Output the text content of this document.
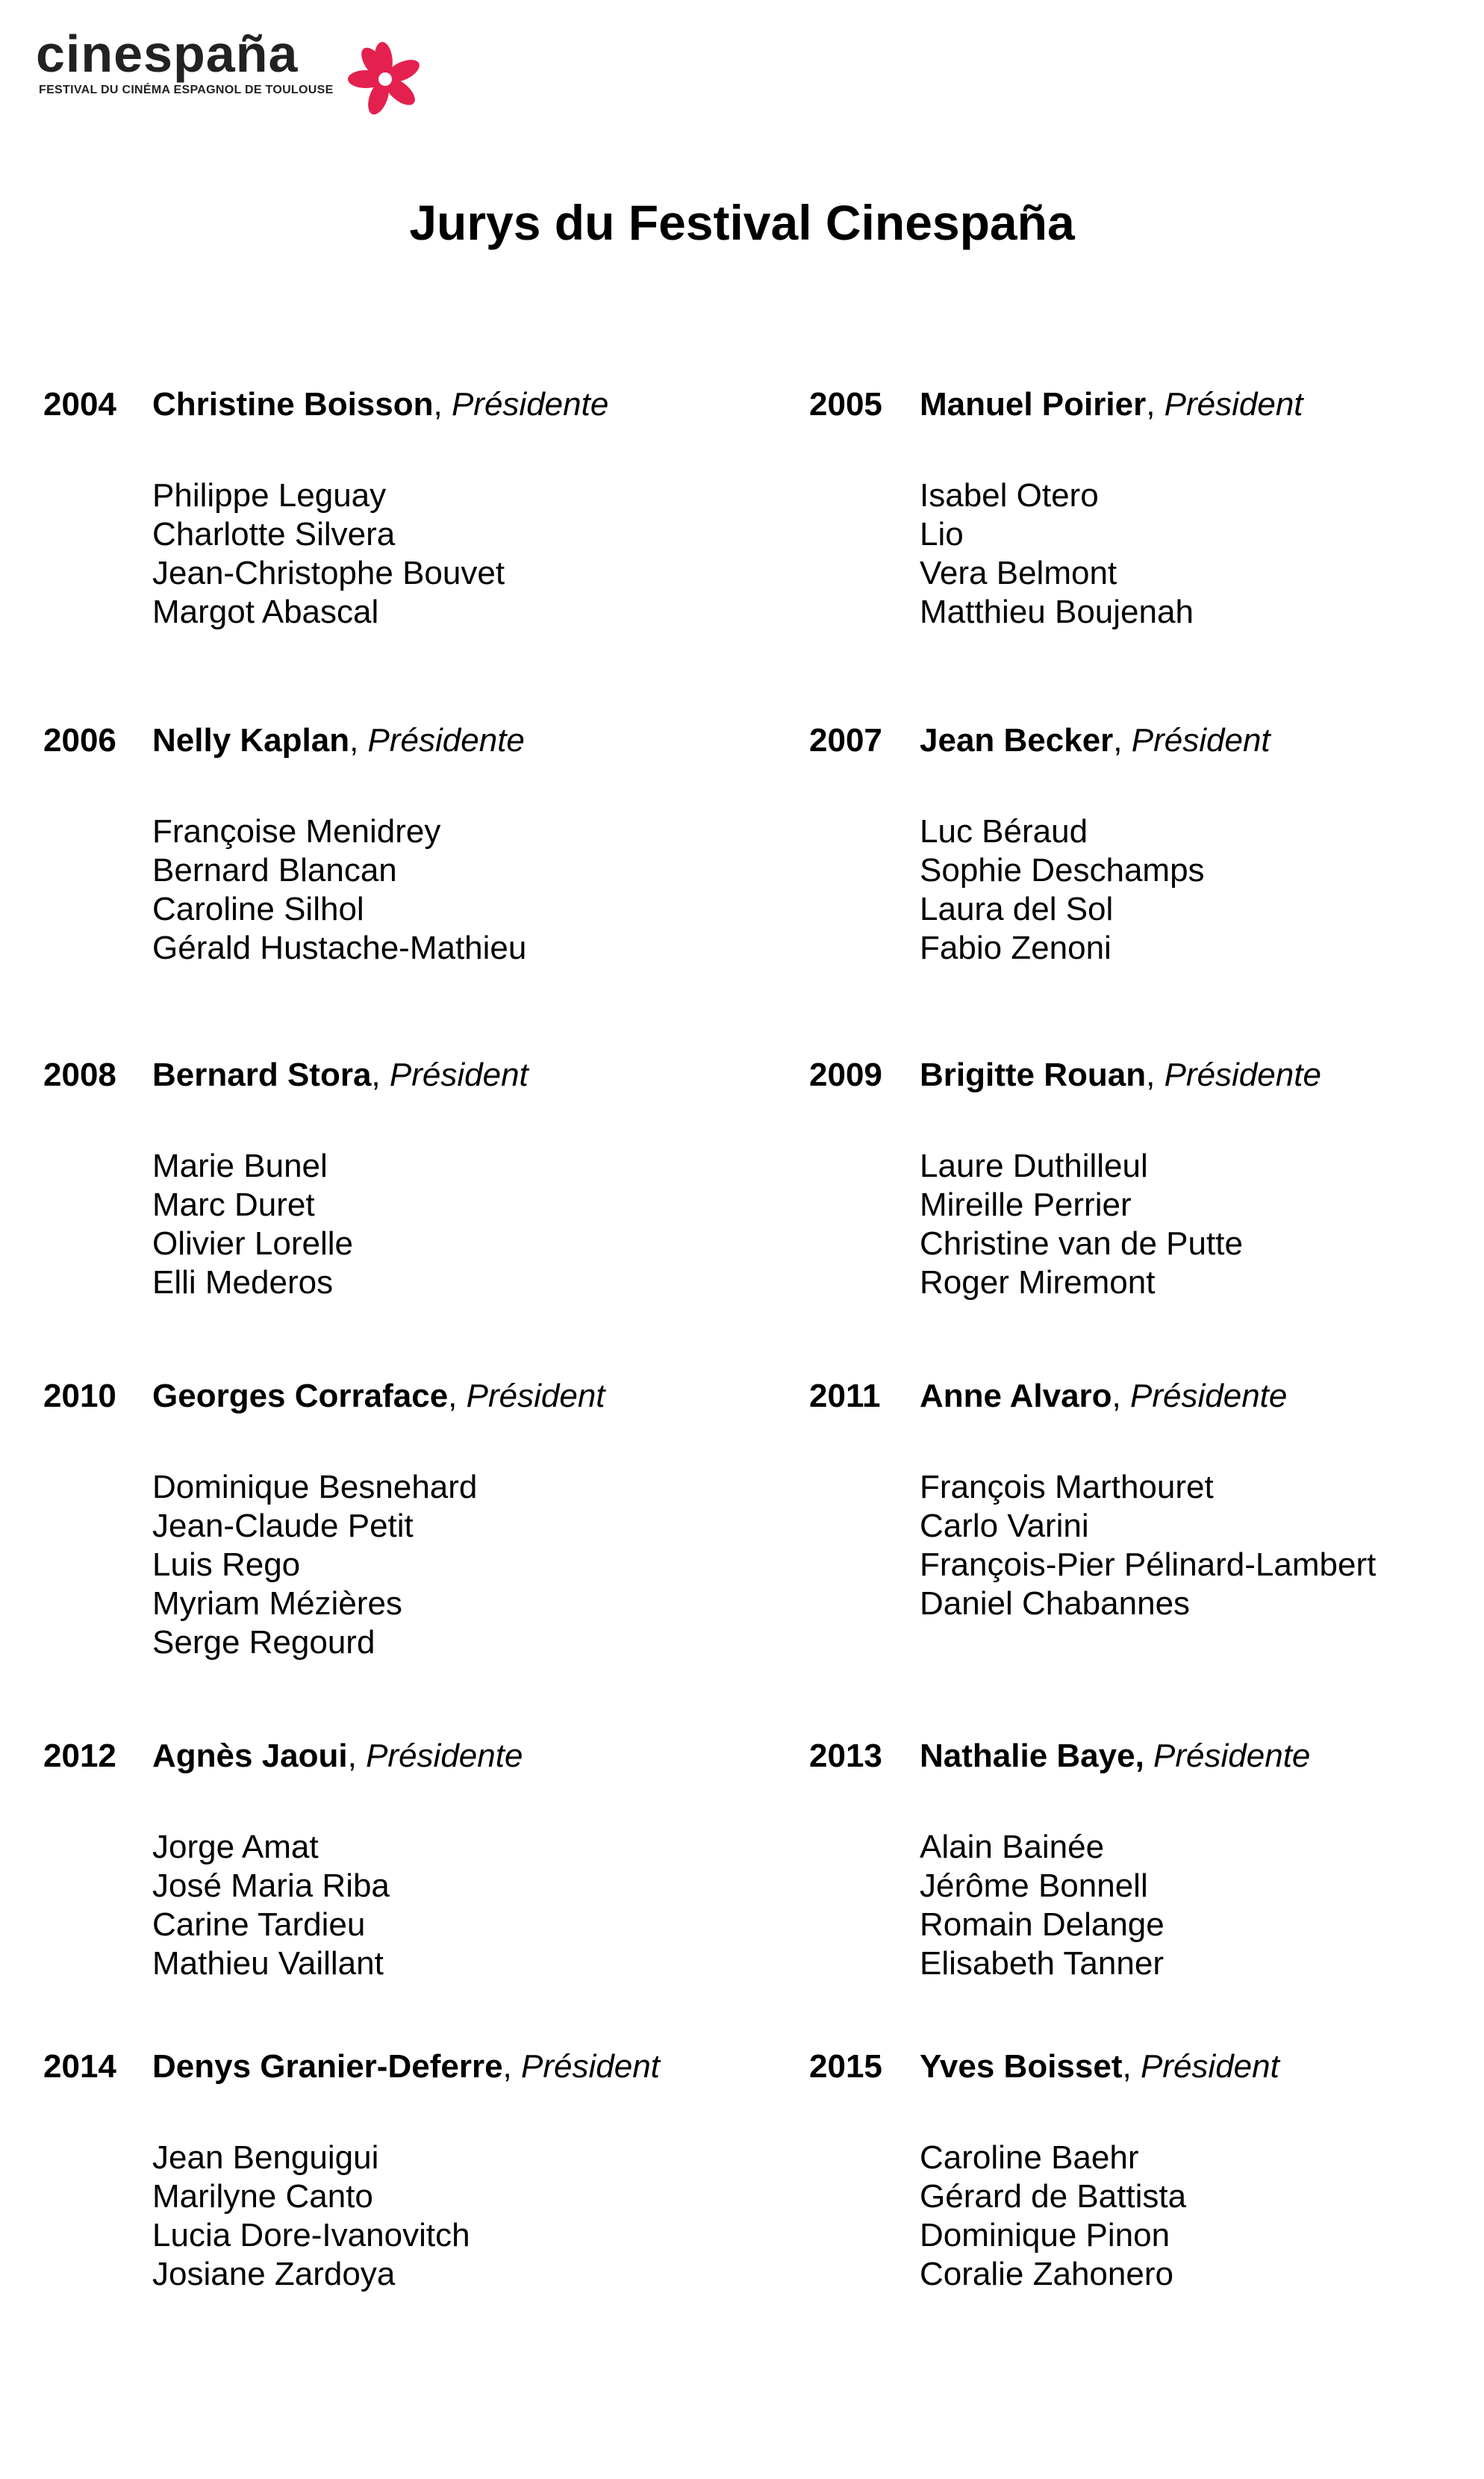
cinespaña
FESTIVAL DU CINÉMA ESPAGNOL DE TOULOUSE
Jurys du Festival Cinespaña
2004 Christine Boisson, Présidente
Philippe Leguay
Charlotte Silvera
Jean-Christophe Bouvet
Margot Abascal
2005 Manuel Poirier, Président
Isabel Otero
Lio
Vera Belmont
Matthieu Boujenah
2006 Nelly Kaplan, Présidente
Françoise Menidrey
Bernard Blancan
Caroline Silhol
Gérald Hustache-Mathieu
2007 Jean Becker, Président
Luc Béraud
Sophie Deschamps
Laura del Sol
Fabio Zenoni
2008 Bernard Stora, Président
Marie Bunel
Marc Duret
Olivier Lorelle
Elli Mederos
2009 Brigitte Rouan, Présidente
Laure Duthilleul
Mireille Perrier
Christine van de Putte
Roger Miremont
2010 Georges Corraface, Président
Dominique Besnehard
Jean-Claude Petit
Luis Rego
Myriam Mézières
Serge Regourd
2011 Anne Alvaro, Présidente
François Marthouret
Carlo Varini
François-Pier Pélinard-Lambert
Daniel Chabannes
2012 Agnès Jaoui, Présidente
Jorge Amat
José Maria Riba
Carine Tardieu
Mathieu Vaillant
2013 Nathalie Baye, Présidente
Alain Bainée
Jérôme Bonnell
Romain Delange
Elisabeth Tanner
2014 Denys Granier-Deferre, Président
Jean Benguigui
Marilyne Canto
Lucia Dore-Ivanovitch
Josiane Zardoya
2015 Yves Boisset, Président
Caroline Baehr
Gérard de Battista
Dominique Pinon
Coralie Zahonero
